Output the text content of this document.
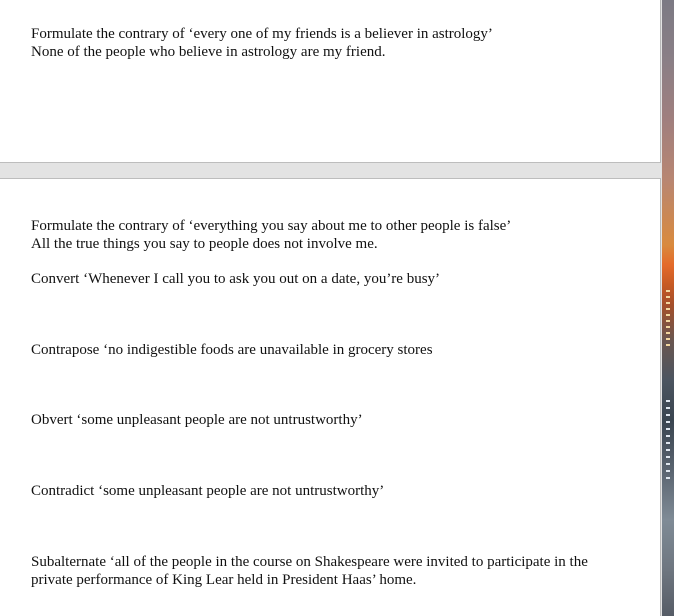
Formulate the contrary of ‘every one of my friends is a believer in astrology’
None of the people who believe in astrology are my friend.
Formulate the contrary of ‘everything you say about me to other people is false’
All the true things you say to people does not involve me.
Convert ‘Whenever I call you to ask you out on a date, you’re busy’
Contrapose ‘no indigestible foods are unavailable in grocery stores
Obvert ‘some unpleasant people are not untrustworthy’
Contradict ‘some unpleasant people are not untrustworthy’
Subalternate ‘all of the people in the course on Shakespeare were invited to participate in the
private performance of King Lear held in President Haas’ home.
